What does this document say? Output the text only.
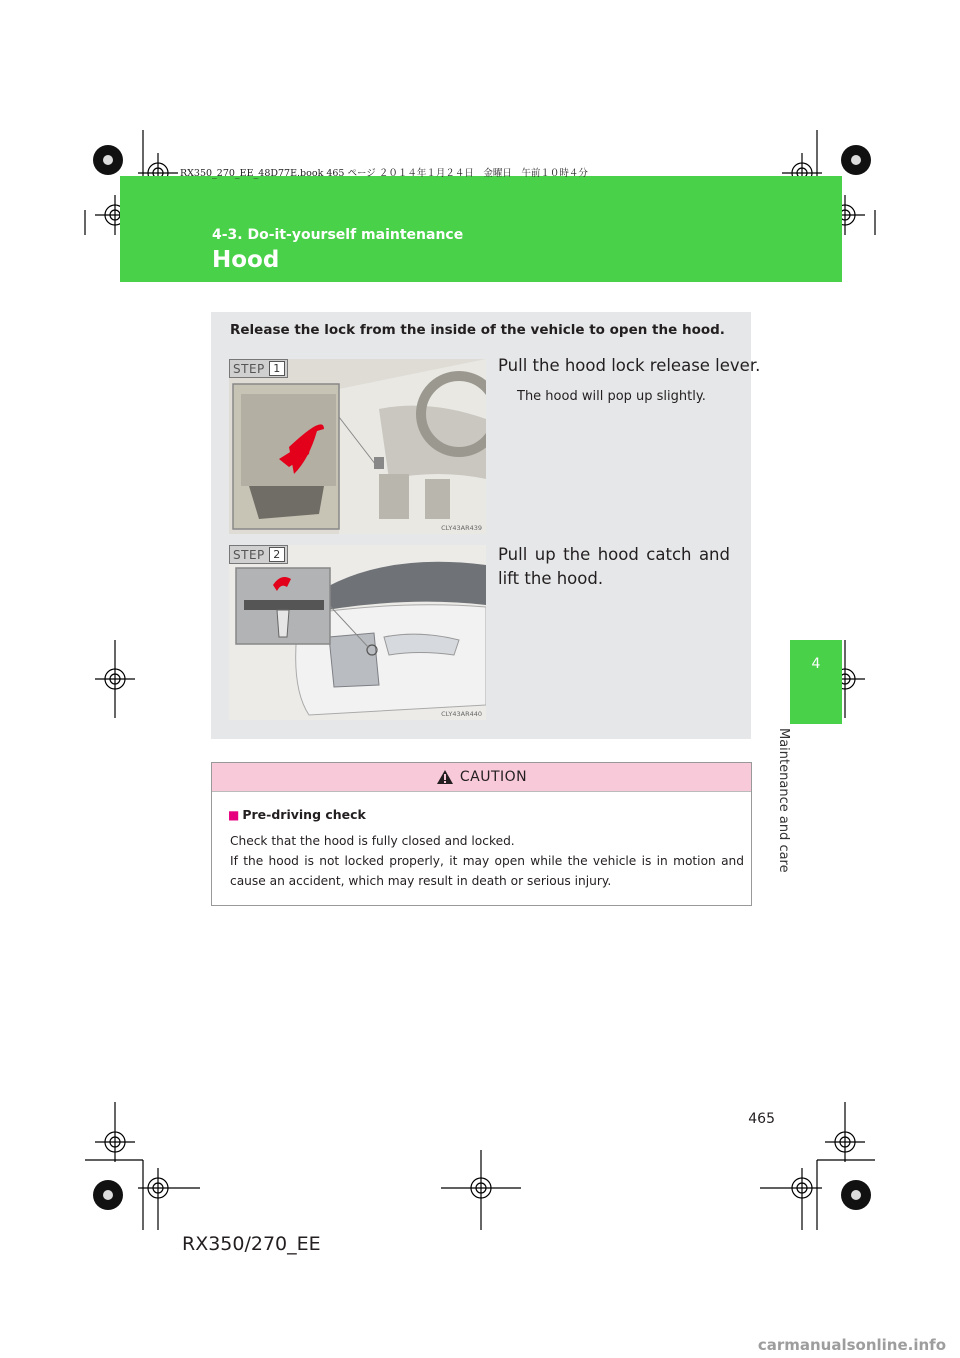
RX350_270_EE_48D77E.book 465 ページ ２０１４年１月２４日　金曜日　午前１０時４分
4-3. Do-it-yourself maintenance
Hood
4
Maintenance and care
Release the lock from the inside of the vehicle to open the hood.
STEP 1
CLY43AR439
Pull the hood lock release lever.
The hood will pop up slightly.
STEP 2
CLY43AR440
Pull up the hood catch and lift the hood.
CAUTION
■ Pre-driving check
Check that the hood is fully closed and locked.
If the hood is not locked properly, it may open while the vehicle is in motion and cause an accident, which may result in death or serious injury.
465
RX350/270_EE
carmanualsonline.info
